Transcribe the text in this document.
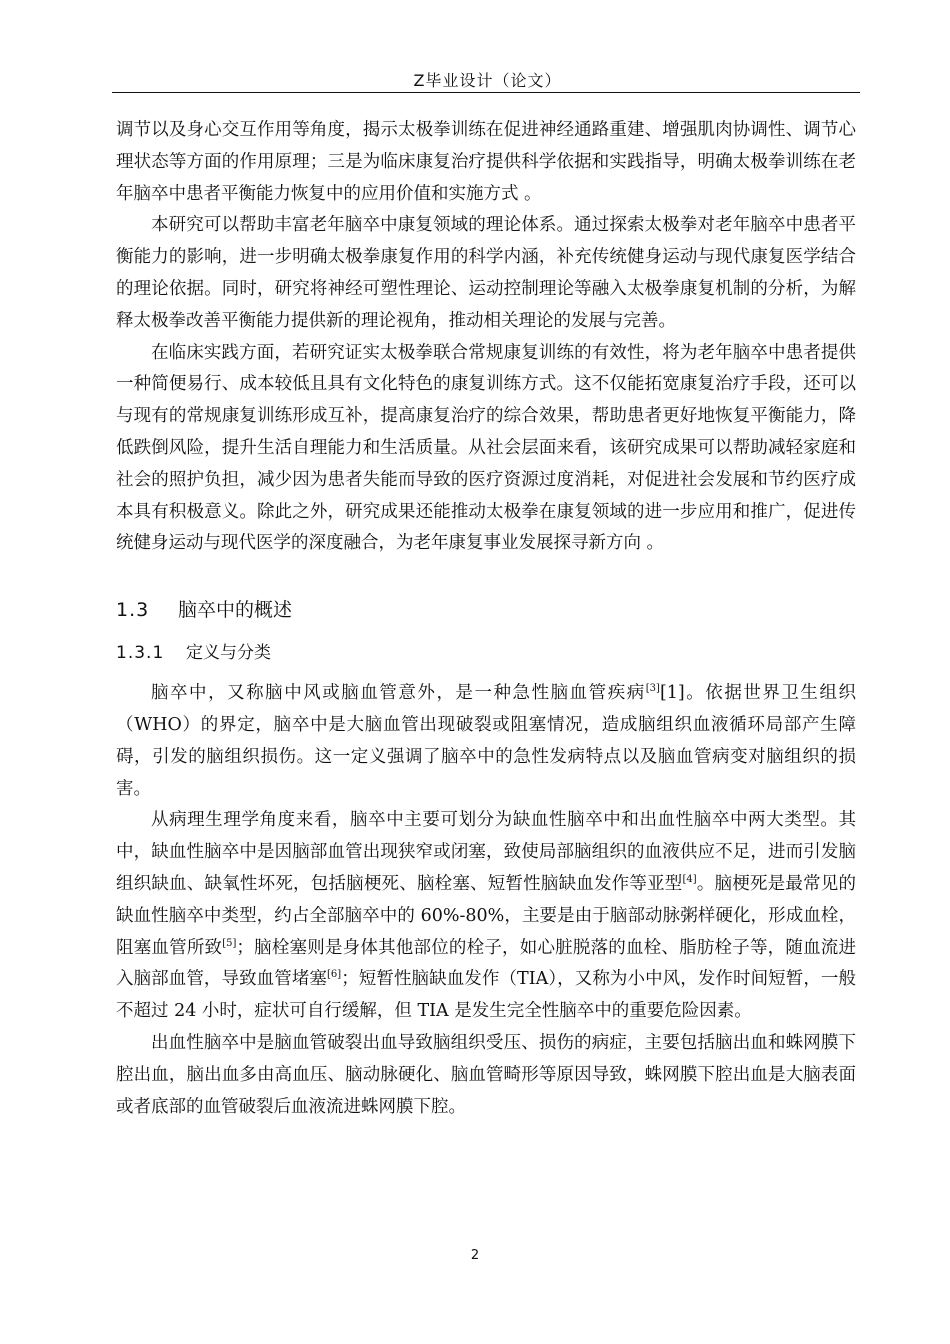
Z毕业设计（论文）

调节以及身心交互作用等角度，揭示太极拳训练在促进神经通路重建、增强肌肉协调性、调节心理状态等方面的作用原理；三是为临床康复治疗提供科学依据和实践指导，明确太极拳训练在老年脑卒中患者平衡能力恢复中的应用价值和实施方式 。

本研究可以帮助丰富老年脑卒中康复领域的理论体系。通过探索太极拳对老年脑卒中患者平衡能力的影响，进一步明确太极拳康复作用的科学内涵，补充传统健身运动与现代康复医学结合的理论依据。同时，研究将神经可塑性理论、运动控制理论等融入太极拳康复机制的分析，为解释太极拳改善平衡能力提供新的理论视角，推动相关理论的发展与完善。

在临床实践方面，若研究证实太极拳联合常规康复训练的有效性，将为老年脑卒中患者提供一种简便易行、成本较低且具有文化特色的康复训练方式。这不仅能拓宽康复治疗手段，还可以与现有的常规康复训练形成互补，提高康复治疗的综合效果，帮助患者更好地恢复平衡能力，降低跌倒风险，提升生活自理能力和生活质量。从社会层面来看，该研究成果可以帮助减轻家庭和社会的照护负担，减少因为患者失能而导致的医疗资源过度消耗，对促进社会发展和节约医疗成本具有积极意义。除此之外，研究成果还能推动太极拳在康复领域的进一步应用和推广，促进传统健身运动与现代医学的深度融合，为老年康复事业发展探寻新方向 。

1.3 脑卒中的概述
1.3.1 定义与分类

脑卒中，又称脑中风或脑血管意外，是一种急性脑血管疾病[3][1]。依据世界卫生组织（WHO）的界定，脑卒中是大脑血管出现破裂或阻塞情况，造成脑组织血液循环局部产生障碍，引发的脑组织损伤。这一定义强调了脑卒中的急性发病特点以及脑血管病变对脑组织的损害。

从病理生理学角度来看，脑卒中主要可划分为缺血性脑卒中和出血性脑卒中两大类型。其中，缺血性脑卒中是因脑部血管出现狭窄或闭塞，致使局部脑组织的血液供应不足，进而引发脑组织缺血、缺氧性坏死，包括脑梗死、脑栓塞、短暂性脑缺血发作等亚型[4]。脑梗死是最常见的缺血性脑卒中类型，约占全部脑卒中的 60%-80%，主要是由于脑部动脉粥样硬化，形成血栓，阻塞血管所致[5]；脑栓塞则是身体其他部位的栓子，如心脏脱落的血栓、脂肪栓子等，随血流进入脑部血管，导致血管堵塞[6]；短暂性脑缺血发作（TIA），又称为小中风，发作时间短暂，一般不超过 24 小时，症状可自行缓解，但 TIA 是发生完全性脑卒中的重要危险因素。

出血性脑卒中是脑血管破裂出血导致脑组织受压、损伤的病症，主要包括脑出血和蛛网膜下腔出血，脑出血多由高血压、脑动脉硬化、脑血管畸形等原因导致，蛛网膜下腔出血是大脑表面或者底部的血管破裂后血液流进蛛网膜下腔。

2
